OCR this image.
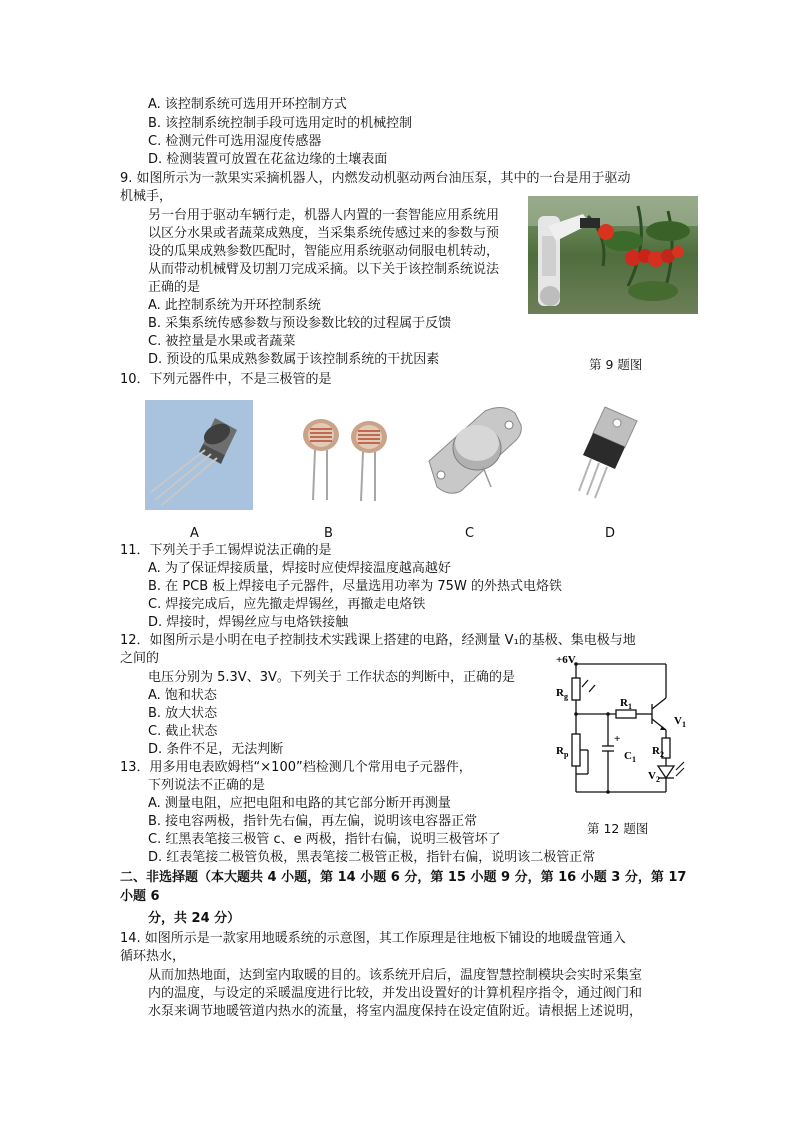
A. 该控制系统可选用开环控制方式
B. 该控制系统控制手段可选用定时的机械控制
C. 检测元件可选用湿度传感器
D. 检测装置可放置在花盆边缘的土壤表面
9. 如图所示为一款果实采摘机器人，内燃发动机驱动两台油压泵，其中的一台是用于驱动
机械手，
另一台用于驱动车辆行走，机器人内置的一套智能应用系统用
以区分水果或者蔬菜成熟度，当采集系统传感过来的参数与预
设的瓜果成熟参数匹配时，智能应用系统驱动伺服电机转动，
从而带动机械臂及切割刀完成采摘。以下关于该控制系统说法
正确的是
A. 此控制系统为开环控制系统
B. 采集系统传感参数与预设参数比较的过程属于反馈
C. 被控量是水果或者蔬菜
D. 预设的瓜果成熟参数属于该控制系统的干扰因素	第 9 题图
10．下列元器件中，不是三极管的是
A	B	C	D
11．下列关于手工锡焊说法正确的是
A. 为了保证焊接质量，焊接时应使焊接温度越高越好
B. 在 PCB 板上焊接电子元器件，尽量选用功率为 75W 的外热式电烙铁
C. 焊接完成后，应先撤走焊锡丝，再撤走电烙铁
D. 焊接时，焊锡丝应与电烙铁接触
12．如图所示是小明在电子控制技术实践课上搭建的电路，经测量 V₁的基极、集电极与地
之间的
电压分别为 5.3V、3V。下列关于 工作状态的判断中，正确的是
A. 饱和状态
B. 放大状态
C. 截止状态
D. 条件不足，无法判断
+6V
$R_g$
$R_1$
$R_p$
+
$C_1$
$R_2$
$V_1$
$V_2$
13．用多用电表欧姆档“×100”档检测几个常用电子元器件，
下列说法不正确的是
A. 测量电阻，应把电阻和电路的其它部分断开再测量
B. 接电容两极，指针先右偏，再左偏，说明该电容器正常
C. 红黑表笔接三极管 c、e 两极，指针右偏，说明三极管坏了
D. 红表笔接二极管负极，黑表笔接二极管正极，指针右偏，说明该二极管正常
第 12 题图
二、非选择题（本大题共 4 小题，第 14 小题 6 分，第 15 小题 9 分，第 16 小题 3 分，第 17
小题 6
分，共 24 分）
14. 如图所示是一款家用地暖系统的示意图，其工作原理是往地板下铺设的地暖盘管通入
循环热水，
从而加热地面，达到室内取暖的目的。该系统开启后，温度智慧控制模块会实时采集室
内的温度，与设定的采暖温度进行比较，并发出设置好的计算机程序指令，通过阀门和
水泵来调节地暖管道内热水的流量，将室内温度保持在设定值附近。请根据上述说明，
